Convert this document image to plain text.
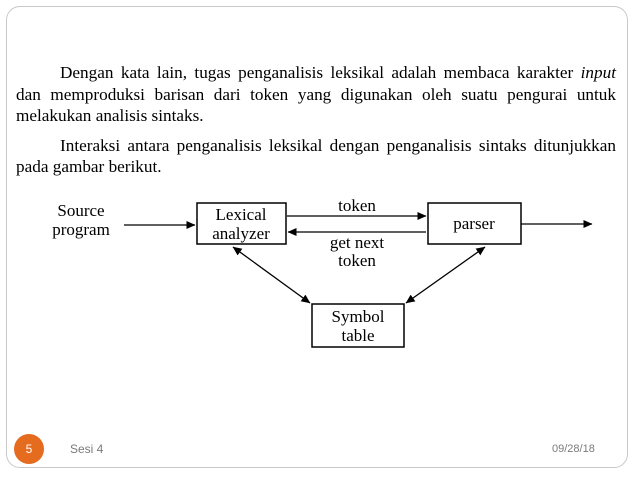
Dengan kata lain, tugas penganalisis leksikal adalah membaca karakter input dan memproduksi barisan dari token yang digunakan oleh suatu pengurai untuk melakukan analisis sintaks.

Interaksi antara penganalisis leksikal dengan penganalisis sintaks ditunjukkan pada gambar berikut.

Source
program
Lexical
analyzer
parser
token
get next
token
Symbol
table
5	Sesi 4	09/28/18
